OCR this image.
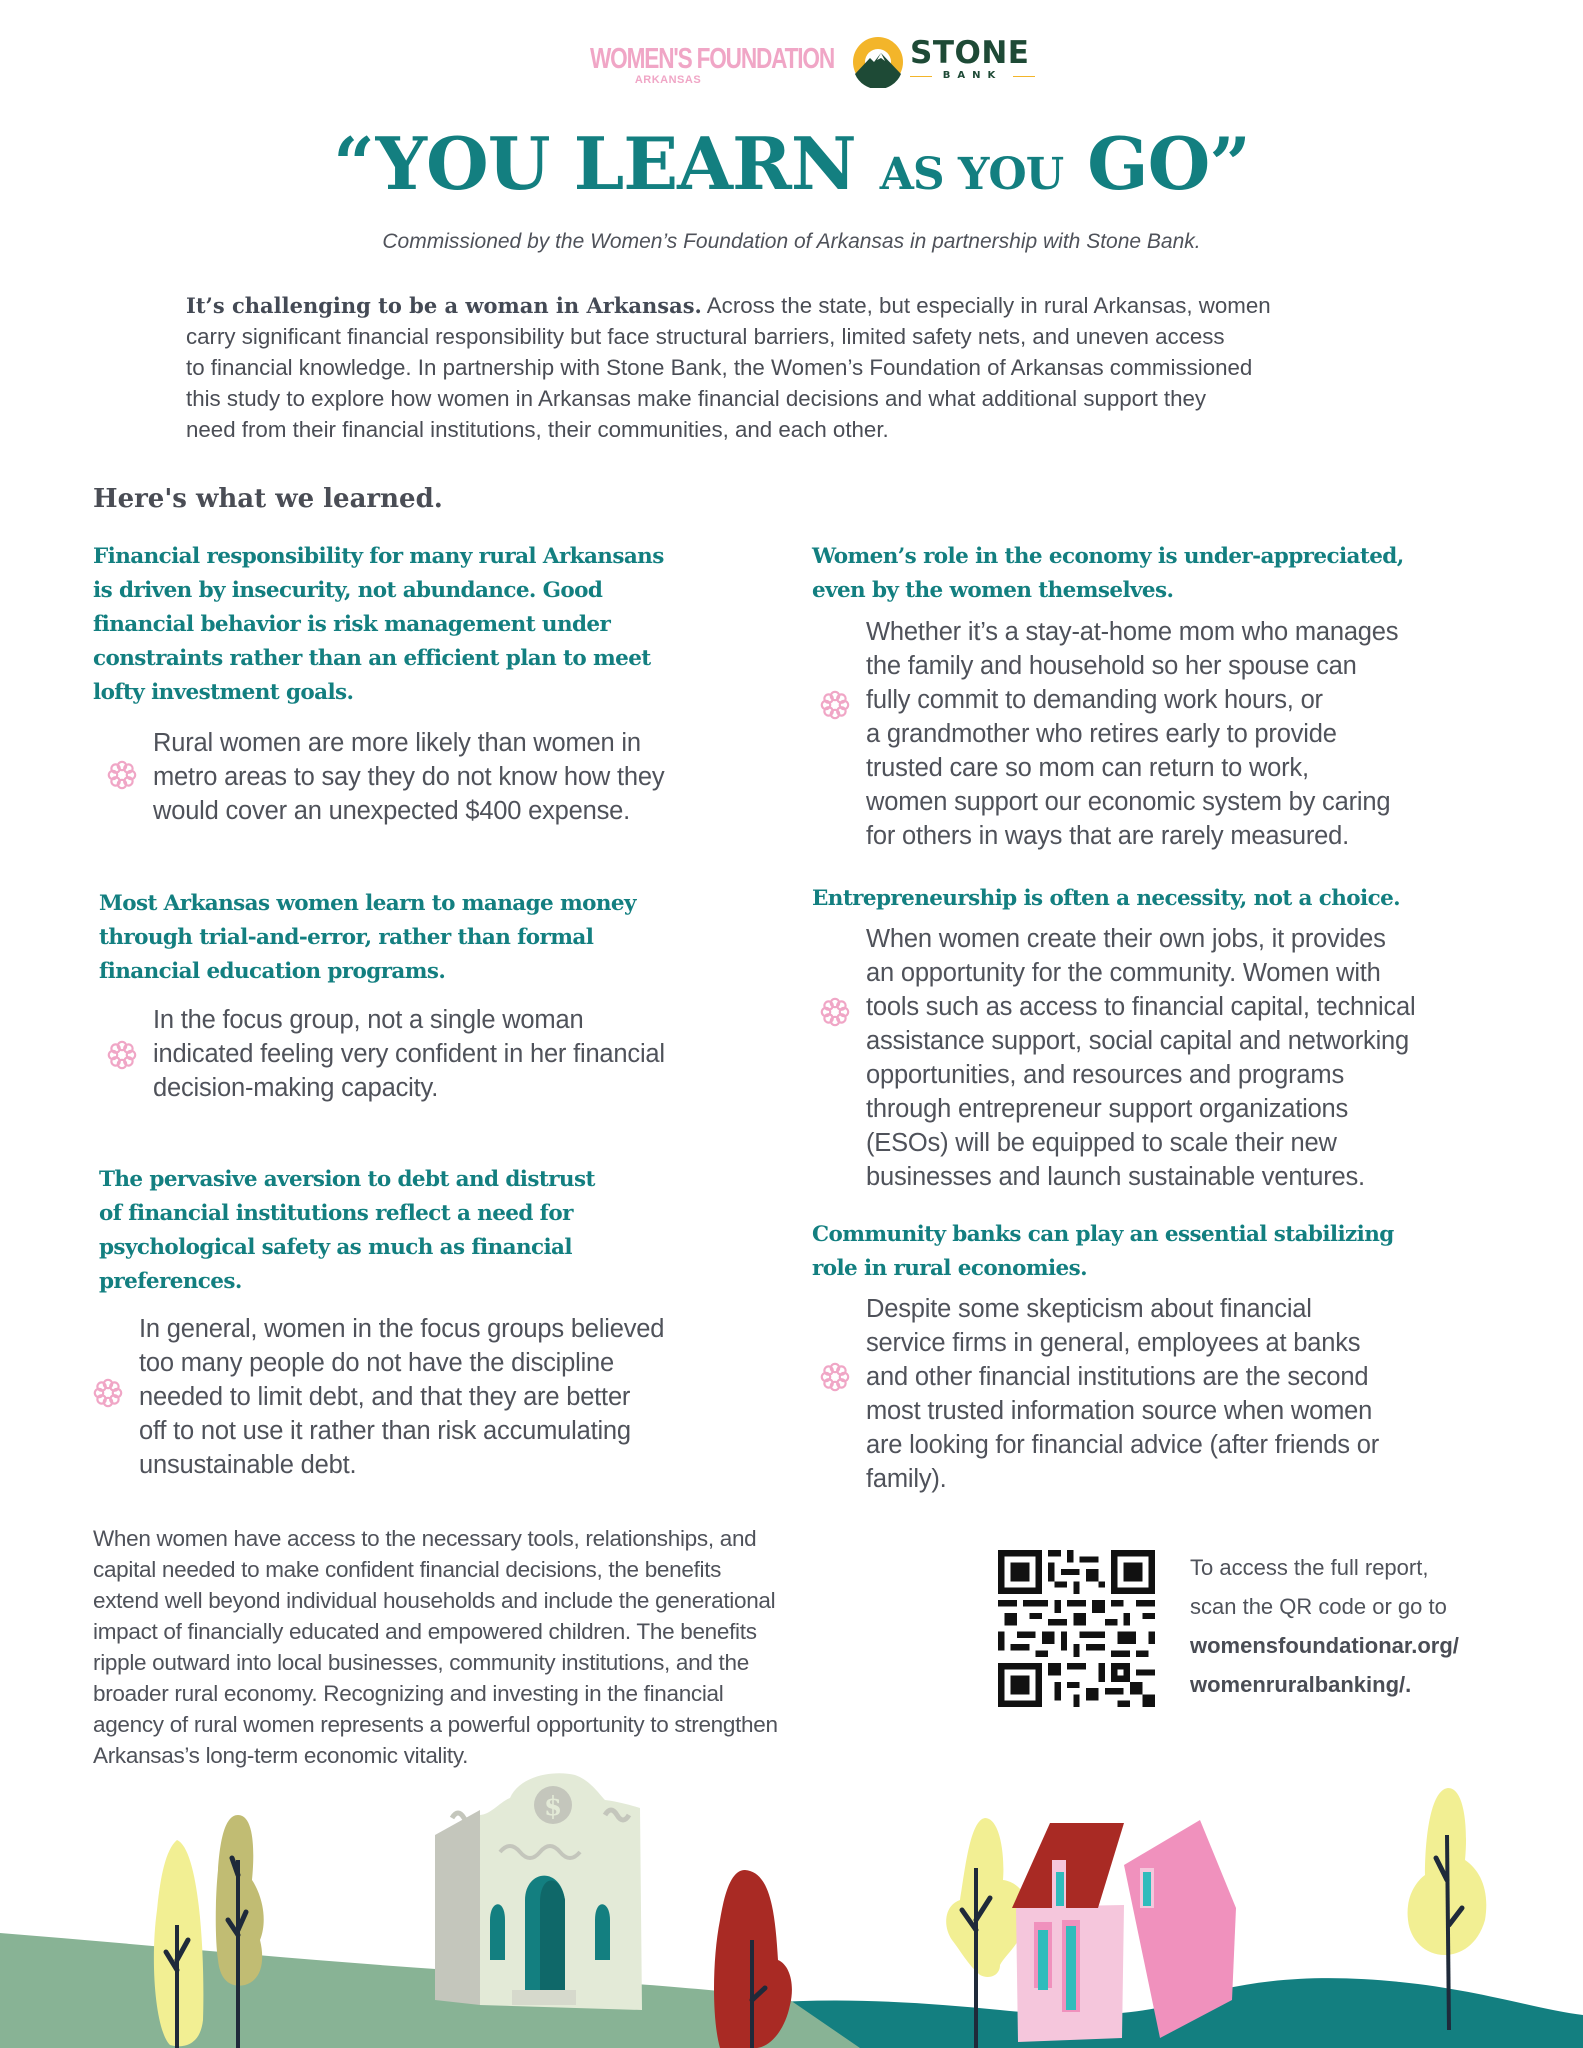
WOMEN'S FOUNDATION
ARKANSAS
STONE
BANK
“YOU LEARN AS YOU GO”
Commissioned by the Women’s Foundation of Arkansas in partnership with Stone Bank.
It’s challenging to be a woman in Arkansas. Across the state, but especially in rural Arkansas, women
carry significant financial responsibility but face structural barriers, limited safety nets, and uneven access
to financial knowledge. In partnership with Stone Bank, the Women’s Foundation of Arkansas commissioned
this study to explore how women in Arkansas make financial decisions and what additional support they
need from their financial institutions, their communities, and each other.
Here's what we learned.
Financial responsibility for many rural Arkansans
is driven by insecurity, not abundance. Good
financial behavior is risk management under
constraints rather than an efficient plan to meet
lofty investment goals.
Rural women are more likely than women in
metro areas to say they do not know how they
would cover an unexpected $400 expense.
Most Arkansas women learn to manage money
through trial-and-error, rather than formal
financial education programs.
In the focus group, not a single woman
indicated feeling very confident in her financial
decision-making capacity.
The pervasive aversion to debt and distrust
of financial institutions reflect a need for
psychological safety as much as financial
preferences.
In general, women in the focus groups believed
too many people do not have the discipline
needed to limit debt, and that they are better
off to not use it rather than risk accumulating
unsustainable debt.
Women’s role in the economy is under-appreciated,
even by the women themselves.
Whether it’s a stay-at-home mom who manages
the family and household so her spouse can
fully commit to demanding work hours, or
a grandmother who retires early to provide
trusted care so mom can return to work,
women support our economic system by caring
for others in ways that are rarely measured.
Entrepreneurship is often a necessity, not a choice.
When women create their own jobs, it provides
an opportunity for the community. Women with
tools such as access to financial capital, technical
assistance support, social capital and networking
opportunities, and resources and programs
through entrepreneur support organizations
(ESOs) will be equipped to scale their new
businesses and launch sustainable ventures.
Community banks can play an essential stabilizing
role in rural economies.
Despite some skepticism about financial
service firms in general, employees at banks
and other financial institutions are the second
most trusted information source when women
are looking for financial advice (after friends or
family).
When women have access to the necessary tools, relationships, and
capital needed to make confident financial decisions, the benefits
extend well beyond individual households and include the generational
impact of financially educated and empowered children. The benefits
ripple outward into local businesses, community institutions, and the
broader rural economy. Recognizing and investing in the financial
agency of rural women represents a powerful opportunity to strengthen
Arkansas’s long-term economic vitality.
To access the full report,
scan the QR code or go to
womensfoundationar.org/
womenruralbanking/.
$
